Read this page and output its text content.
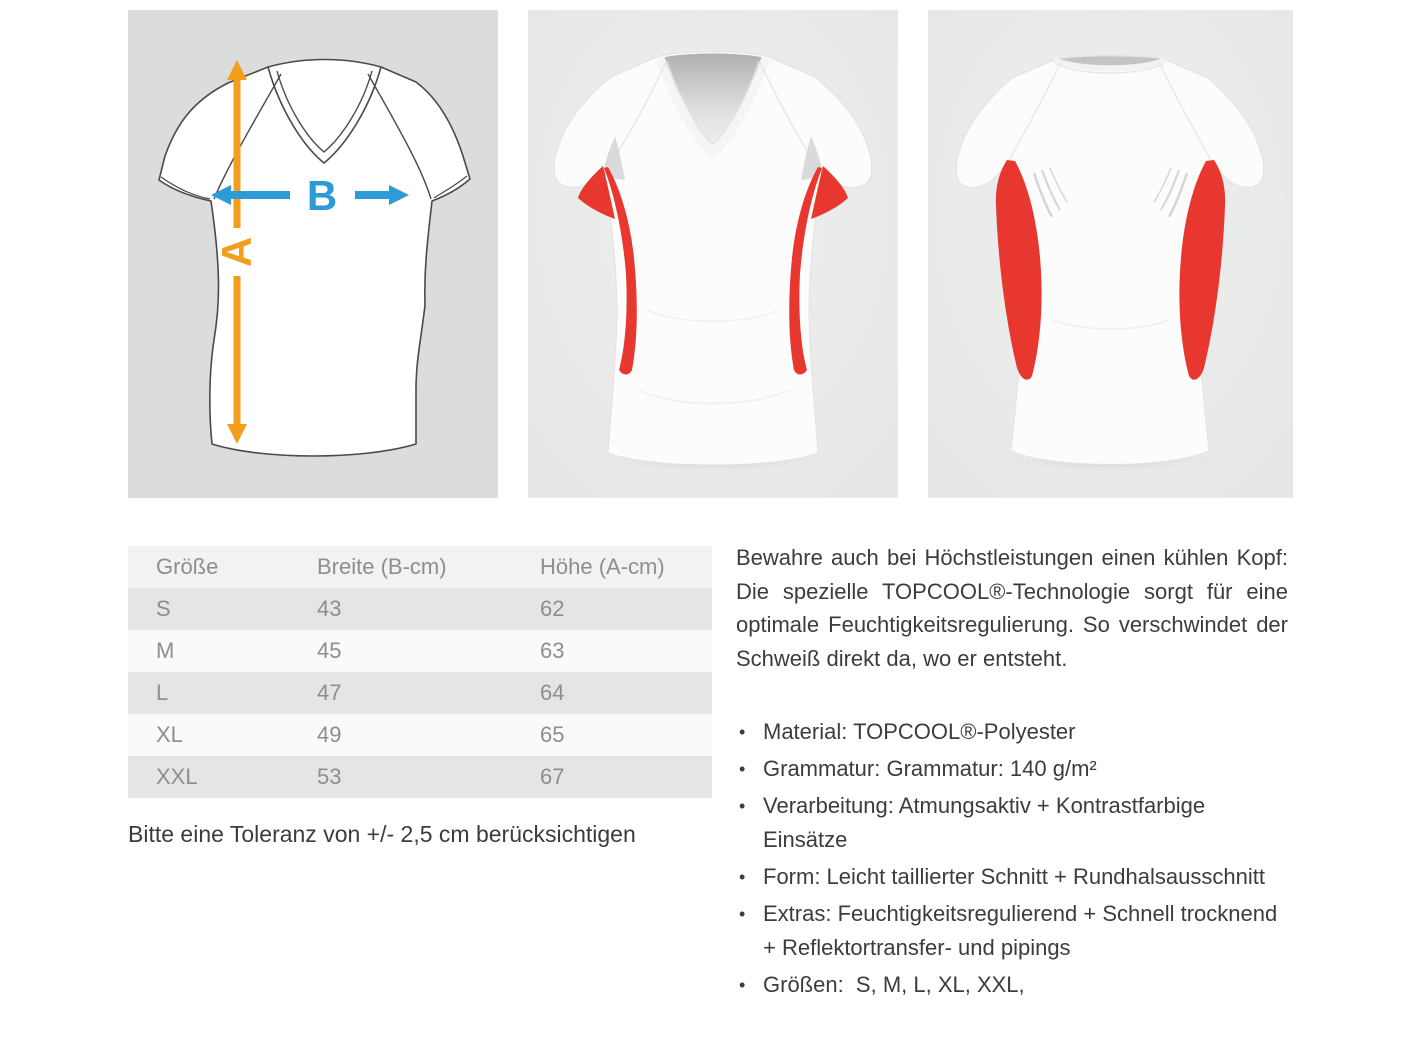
A
B
Größe	Breite (B-cm)	Höhe (A-cm)
S	43	62
M	45	63
L	47	64
XL	49	65
XXL	53	67
Bitte eine Toleranz von +/- 2,5 cm berücksichtigen

Bewahre auch bei Höchstleistungen einen kühlen Kopf: Die spezielle TOPCOOL®-Technologie sorgt für eine optimale Feuchtigkeitsregulierung. So verschwindet der Schweiß direkt da, wo er entsteht.

• Material: TOPCOOL®-Polyester
• Grammatur: Grammatur: 140 g/m²
• Verarbeitung: Atmungsaktiv + Kontrastfarbige Einsätze
• Form: Leicht taillierter Schnitt + Rundhalsausschnitt
• Extras: Feuchtigkeitsregulierend + Schnell trocknend + Reflektortransfer- und pipings
• Größen:  S, M, L, XL, XXL,
